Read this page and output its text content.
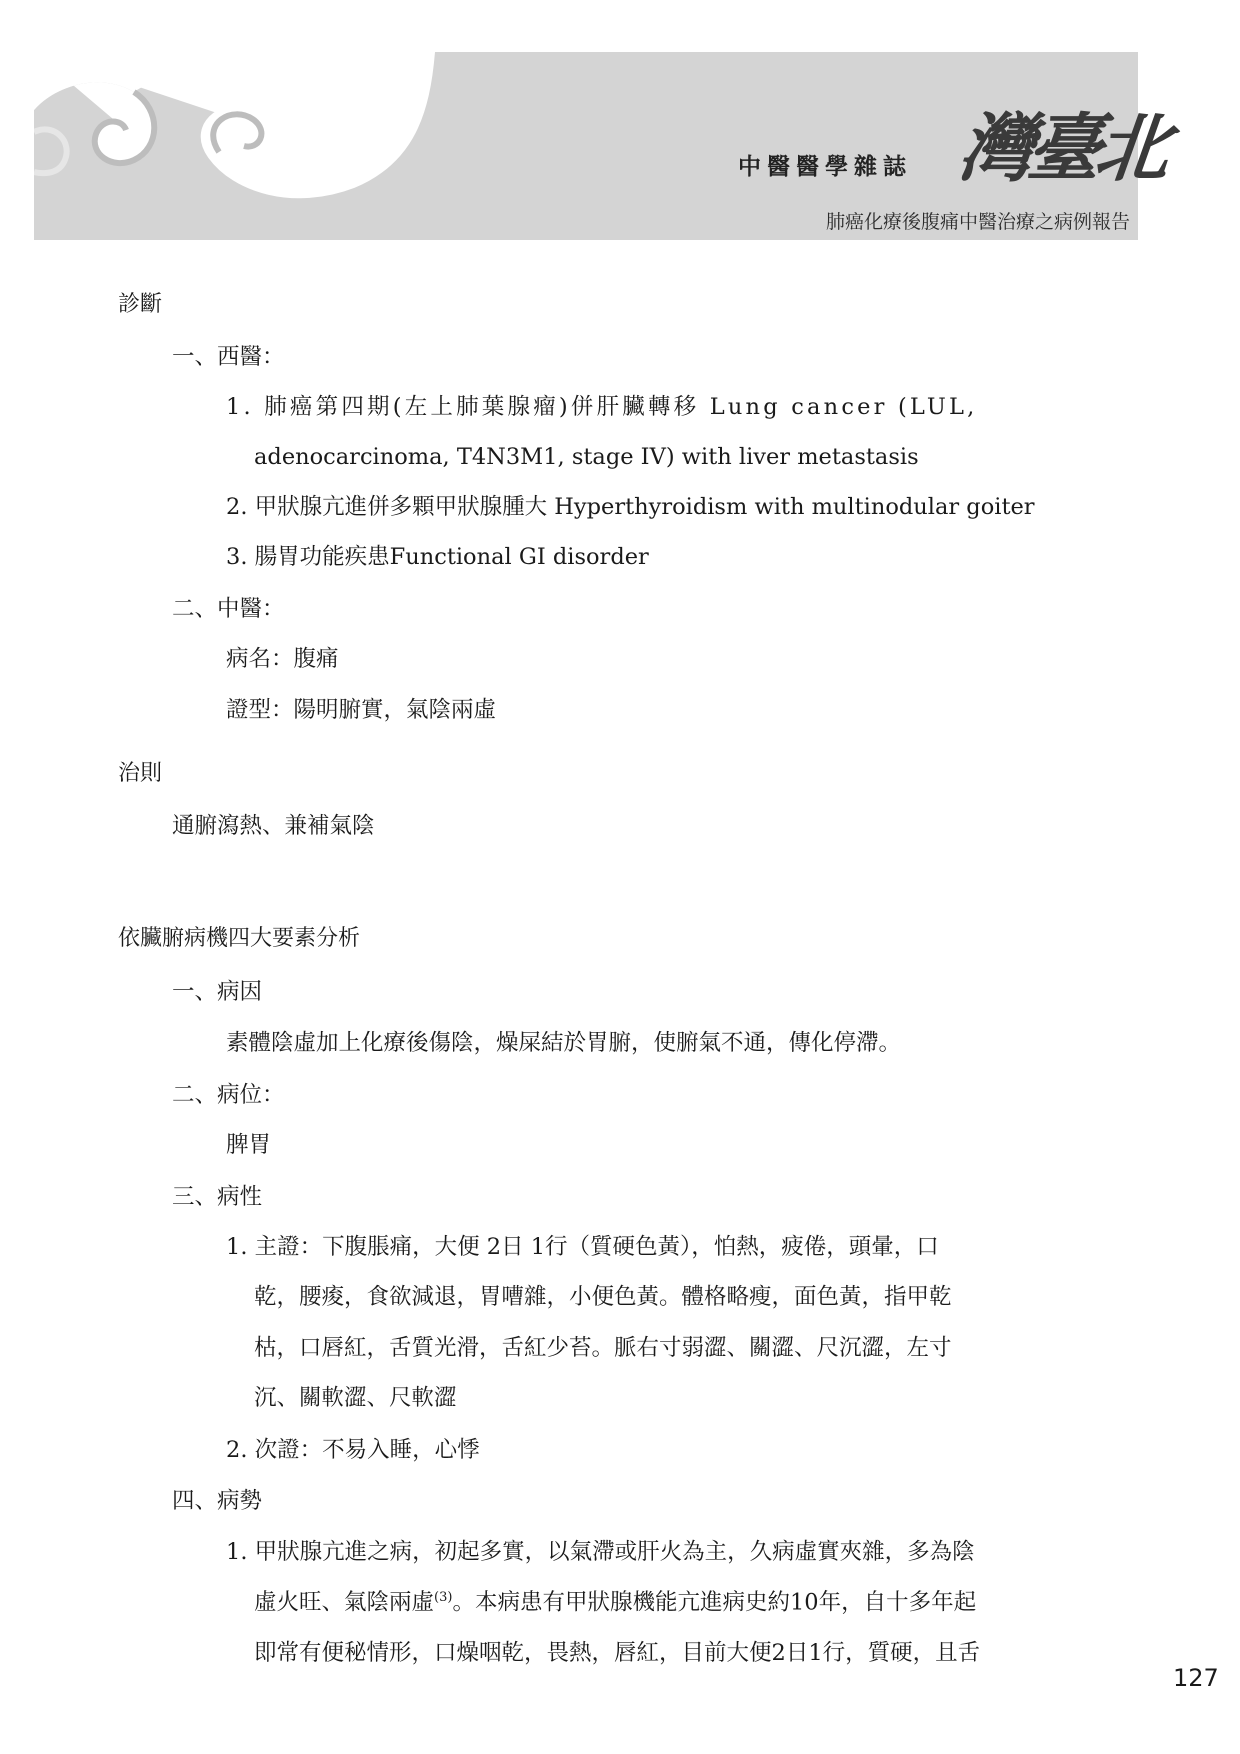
中醫醫學雜誌 灣臺北
肺癌化療後腹痛中醫治療之病例報告
診斷
一、西醫：
1. 肺癌第四期(左上肺葉腺瘤)併肝臟轉移 Lung cancer (LUL,
adenocarcinoma, T4N3M1, stage IV) with liver metastasis
2. 甲狀腺亢進併多顆甲狀腺腫大 Hyperthyroidism with multinodular goiter
3. 腸胃功能疾患Functional GI disorder
二、中醫：
病名：腹痛
證型：陽明腑實，氣陰兩虛
治則
通腑瀉熱、兼補氣陰
依臟腑病機四大要素分析
一、病因
素體陰虛加上化療後傷陰，燥屎結於胃腑，使腑氣不通，傳化停滯。
二、病位：
脾胃
三、病性
1. 主證：下腹脹痛，大便 2日 1行（質硬色黃），怕熱，疲倦，頭暈，口
乾，腰痠，食欲減退，胃嘈雜，小便色黃。體格略瘦，面色黃，指甲乾
枯，口唇紅，舌質光滑，舌紅少苔。脈右寸弱澀、關澀、尺沉澀，左寸
沉、關軟澀、尺軟澀
2. 次證：不易入睡，心悸
四、病勢
1. 甲狀腺亢進之病，初起多實，以氣滯或肝火為主，久病虛實夾雜，多為陰
虛火旺、氣陰兩虛$^{(3)}$。本病患有甲狀腺機能亢進病史約10年，自十多年起
即常有便秘情形，口燥咽乾，畏熱，唇紅，目前大便2日1行，質硬，且舌
127
